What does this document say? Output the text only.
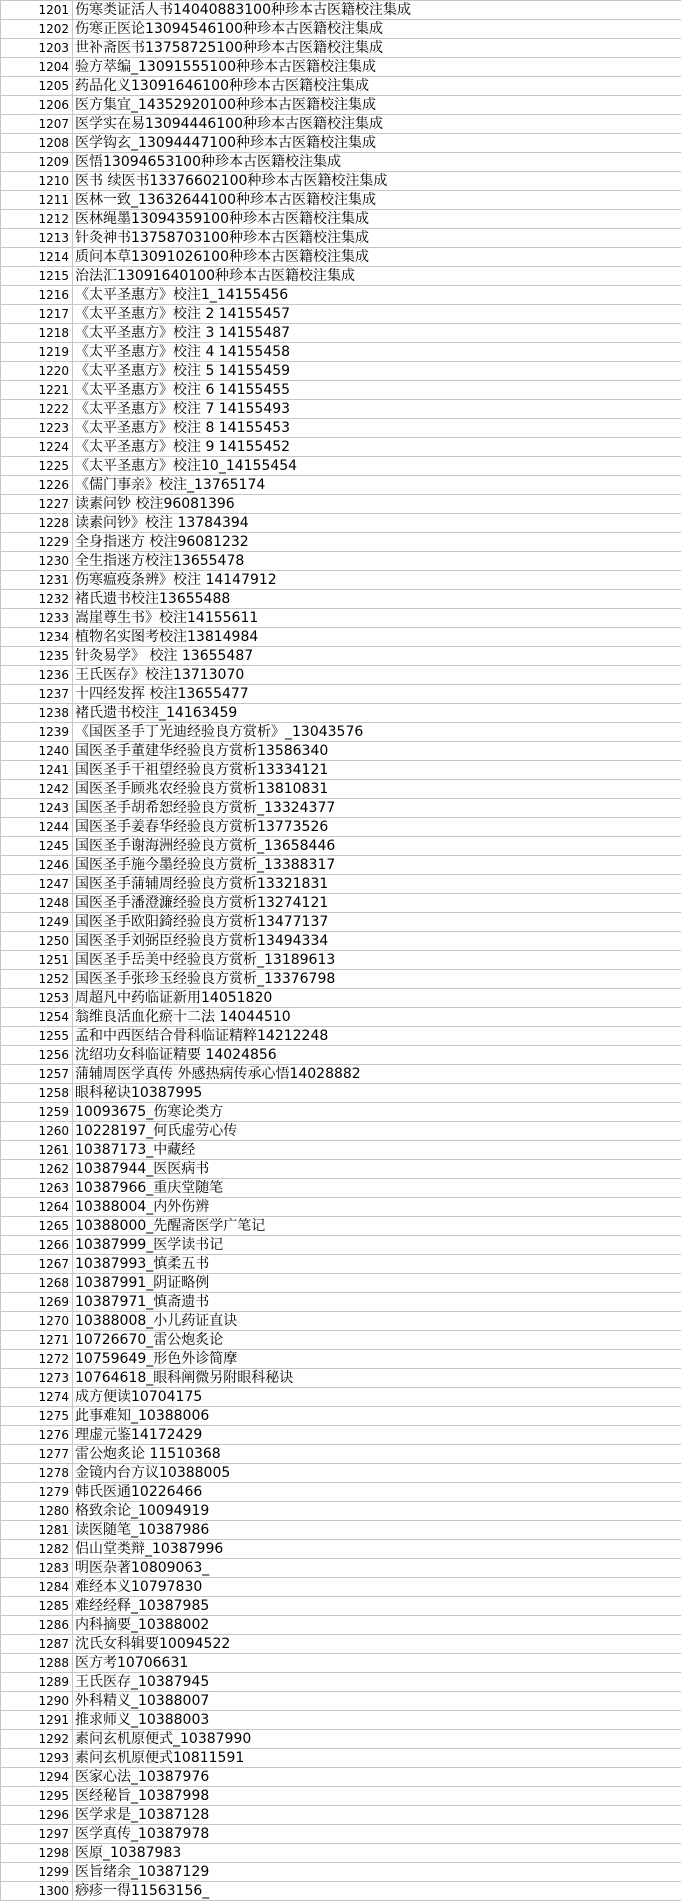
1201	伤寒类证活人书14040883100种珍本古医籍校注集成
1202	伤寒正医论13094546100种珍本古医籍校注集成
1203	世补斋医书13758725100种珍本古医籍校注集成
1204	验方萃编_13091555100种珍本古医籍校注集成
1205	药品化义13091646100种珍本古医籍校注集成
1206	医方集宜_14352920100种珍本古医籍校注集成
1207	医学实在易13094446100种珍本古医籍校注集成
1208	医学钩玄_13094447100种珍本古医籍校注集成
1209	医悟13094653100种珍本古医籍校注集成
1210	医书 续医书13376602100种珍本古医籍校注集成
1211	医林一致_13632644100种珍本古医籍校注集成
1212	医林绳墨13094359100种珍本古医籍校注集成
1213	针灸神书13758703100种珍本古医籍校注集成
1214	质问本草13091026100种珍本古医籍校注集成
1215	治法汇13091640100种珍本古医籍校注集成
1216	《太平圣惠方》校注1_14155456
1217	《太平圣惠方》校注 2 14155457
1218	《太平圣惠方》校注 3 14155487
1219	《太平圣惠方》校注 4 14155458
1220	《太平圣惠方》校注 5 14155459
1221	《太平圣惠方》校注 6 14155455
1222	《太平圣惠方》校注 7 14155493
1223	《太平圣惠方》校注 8 14155453
1224	《太平圣惠方》校注 9 14155452
1225	《太平圣惠方》校注10_14155454
1226	《儒门事亲》校注_13765174
1227	读素问钞 校注96081396
1228	读素问钞》校注 13784394
1229	全身指迷方 校注96081232
1230	全生指迷方校注13655478
1231	伤寒瘟疫条辨》校注 14147912
1232	褚氏遗书校注13655488
1233	嵩崖尊生书》校注14155611
1234	植物名实图考校注13814984
1235	针灸易学》 校注 13655487
1236	王氏医存》校注13713070
1237	十四经发挥 校注13655477
1238	褚氏遗书校注_14163459
1239	《国医圣手丁光迪经验良方赏析》_13043576
1240	国医圣手董建华经验良方赏析13586340
1241	国医圣手干祖望经验良方赏析13334121
1242	国医圣手顾兆农经验良方赏析13810831
1243	国医圣手胡希恕经验良方赏析_13324377
1244	国医圣手姜春华经验良方赏析13773526
1245	国医圣手谢海洲经验良方赏析_13658446
1246	国医圣手施今墨经验良方赏析_13388317
1247	国医圣手蒲辅周经验良方赏析13321831
1248	国医圣手潘澄濂经验良方赏析13274121
1249	国医圣手欧阳錡经验良方赏析13477137
1250	国医圣手刘弼臣经验良方赏析13494334
1251	国医圣手岳美中经验良方赏析_13189613
1252	国医圣手张珍玉经验良方赏析_13376798
1253	周超凡中药临证新用14051820
1254	翁维良活血化瘀十二法 14044510
1255	孟和中西医结合骨科临证精粹14212248
1256	沈绍功女科临证精要 14024856
1257	蒲辅周医学真传 外感热病传承心悟14028882
1258	眼科秘诀10387995
1259	10093675_伤寒论类方
1260	10228197_何氏虚劳心传
1261	10387173_中藏经
1262	10387944_医医病书
1263	10387966_重庆堂随笔
1264	10388004_内外伤辨
1265	10388000_先醒斋医学广笔记
1266	10387999_医学读书记
1267	10387993_慎柔五书
1268	10387991_阴证略例
1269	10387971_慎斋遗书
1270	10388008_小儿药证直诀
1271	10726670_雷公炮炙论
1272	10759649_形色外诊简摩
1273	10764618_眼科阐微另附眼科秘诀
1274	成方便读10704175
1275	此事难知_10388006
1276	理虚元鉴14172429
1277	雷公炮炙论 11510368
1278	金镜内台方议10388005
1279	韩氏医通10226466
1280	格致余论_10094919
1281	读医随笔_10387986
1282	侣山堂类辩_10387996
1283	明医杂著10809063_
1284	难经本义10797830
1285	难经经释_10387985
1286	内科摘要_10388002
1287	沈氏女科辑要10094522
1288	医方考10706631
1289	王氏医存_10387945
1290	外科精义_10388007
1291	推求师义_10388003
1292	素问玄机原便式_10387990
1293	素问玄机原便式10811591
1294	医家心法_10387976
1295	医经秘旨_10387998
1296	医学求是_10387128
1297	医学真传_10387978
1298	医原_10387983
1299	医旨绪余_10387129
1300	痧疹一得11563156_
